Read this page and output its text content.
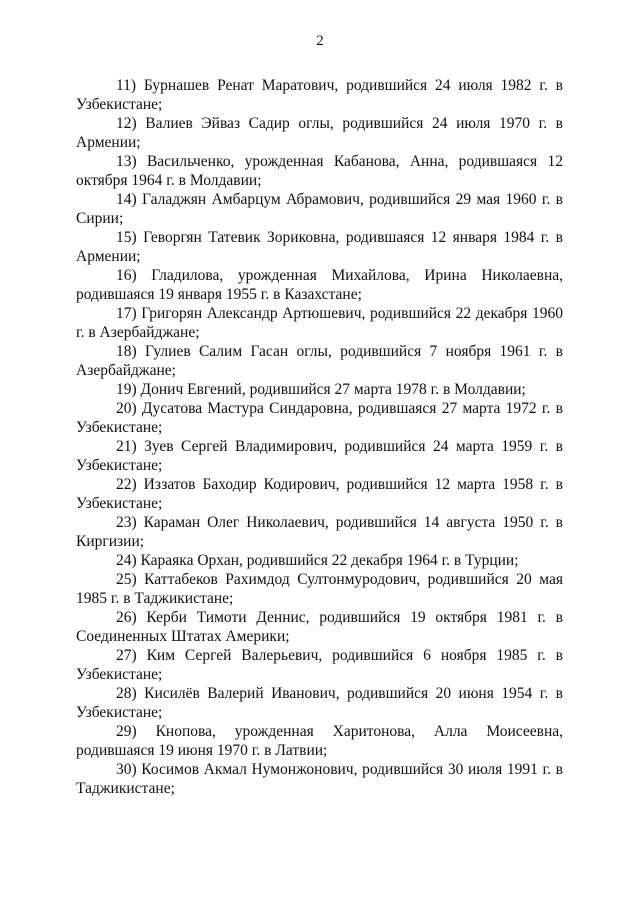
2

11) Бурнашев Ренат Маратович, родившийся 24 июля 1982 г. в Узбекистане;

12) Валиев Эйваз Садир оглы, родившийся 24 июля 1970 г. в Армении;

13) Васильченко, урожденная Кабанова, Анна, родившаяся 12 октября 1964 г. в Молдавии;

14) Галаджян Амбарцум Абрамович, родившийся 29 мая 1960 г. в Сирии;

15) Геворгян Татевик Зориковна, родившаяся 12 января 1984 г. в Армении;

16) Гладилова, урожденная Михайлова, Ирина Николаевна, родившаяся 19 января 1955 г. в Казахстане;

17) Григорян Александр Артюшевич, родившийся 22 декабря 1960 г. в Азербайджане;

18) Гулиев Салим Гасан оглы, родившийся 7 ноября 1961 г. в Азербайджане;

19) Донич Евгений, родившийся 27 марта 1978 г. в Молдавии;

20) Дусатова Мастура Синдаровна, родившаяся 27 марта 1972 г. в Узбекистане;

21) Зуев Сергей Владимирович, родившийся 24 марта 1959 г. в Узбекистане;

22) Иззатов Баходир Кодирович, родившийся 12 марта 1958 г. в Узбекистане;

23) Караман Олег Николаевич, родившийся 14 августа 1950 г. в Киргизии;

24) Караяка Орхан, родившийся 22 декабря 1964 г. в Турции;

25) Каттабеков Рахимдод Султонмуродович, родившийся 20 мая 1985 г. в Таджикистане;

26) Керби Тимоти Деннис, родившийся 19 октября 1981 г. в Соединенных Штатах Америки;

27) Ким Сергей Валерьевич, родившийся 6 ноября 1985 г. в Узбекистане;

28) Кисилёв Валерий Иванович, родившийся 20 июня 1954 г. в Узбекистане;

29) Кнопова, урожденная Харитонова, Алла Моисеевна, родившаяся 19 июня 1970 г. в Латвии;

30) Косимов Акмал Нумонжонович, родившийся 30 июля 1991 г. в Таджикистане;
